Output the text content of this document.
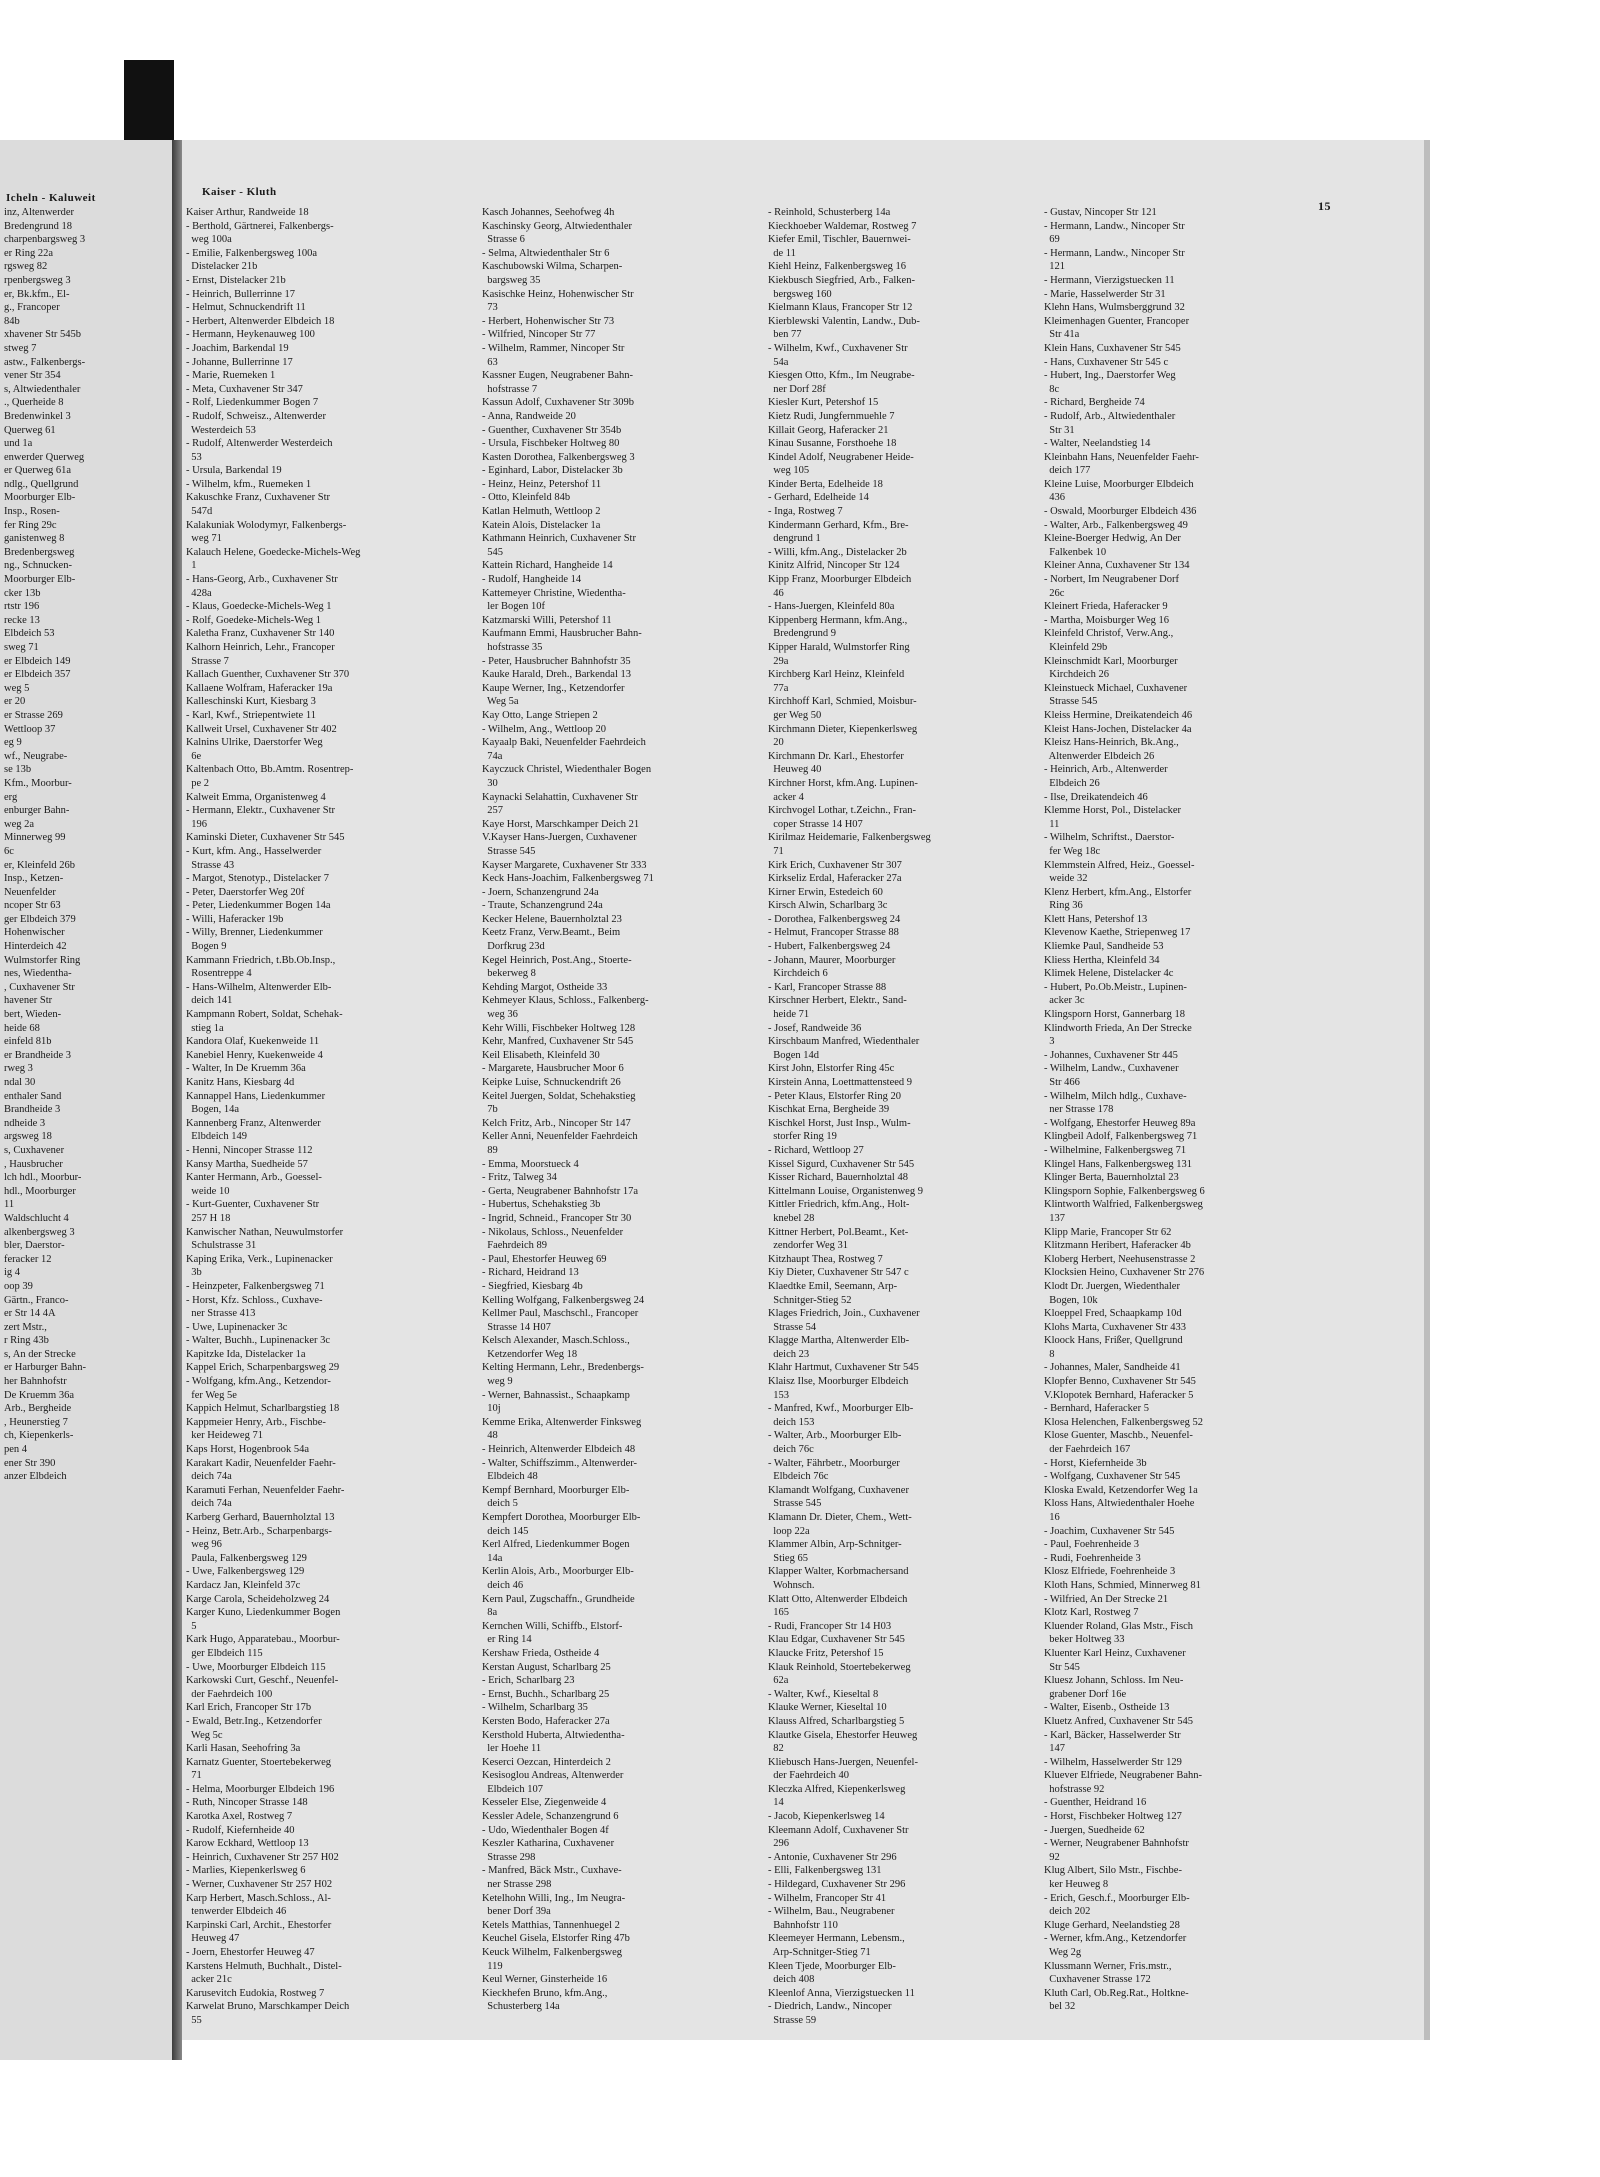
Icheln - Kaluweit	Kaiser - Kluth
15
inz, Altenwerder
Bredengrund 18
charpenbargsweg 3
er Ring 22a
rgsweg 82
rpenbergsweg 3
er, Bk.kfm., El-
g., Francoper
84b
xhavener Str 545b
stweg 7
astw., Falkenbergs-
vener Str 354
s, Altwiedenthaler
., Querheide 8
Bredenwinkel 3
Querweg 61
und 1a
enwerder Querweg
er Querweg 61a
ndlg., Quellgrund
Moorburger Elb-
Insp., Rosen-
fer Ring 29c
ganistenweg 8
Bredenbergsweg
ng., Schnucken-
Moorburger Elb-
cker 13b
rtstr 196
recke 13
Elbdeich 53
sweg 71
er Elbdeich 149
er Elbdeich 357
weg 5
er 20
er Strasse 269
Wettloop 37
eg 9
wf., Neugrabe-
se 13b
Kfm., Moorbur-
erg
enburger Bahn-
weg 2a
Minnerweg 99
6c
er, Kleinfeld 26b
Insp., Ketzen-
Neuenfelder
ncoper Str 63
ger Elbdeich 379
Hohenwischer
Hinterdeich 42
Wulmstorfer Ring
nes, Wiedentha-
, Cuxhavener Str
havener Str
bert, Wieden-
heide 68
einfeld 81b
er Brandheide 3
rweg 3
ndal 30
enthaler Sand
Brandheide 3
ndheide 3
argsweg 18
s, Cuxhavener
, Hausbrucher
lch hdl., Moorbur-
hdl., Moorburger
11
Waldschlucht 4
alkenbergsweg 3
bler, Daerstor-
feracker 12
ig 4
oop 39
Gärtn., Franco-
er Str 14 4A
zert Mstr.,
r Ring 43b
s, An der Strecke
er Harburger Bahn-
her Bahnhofstr
De Kruemm 36a
Arb., Bergheide
, Heunerstieg 7
ch, Kiepenkerls-
pen 4
ener Str 390
anzer Elbdeich
Kaiser Arthur, Randweide 18
- Berthold, Gärtnerei, Falkenbergs-
weg 100a
- Emilie, Falkenbergsweg 100a
Distelacker 21b
- Ernst, Distelacker 21b
- Heinrich, Bullerrinne 17
- Helmut, Schnuckendrift 11
- Herbert, Altenwerder Elbdeich 18
- Hermann, Heykenauweg 100
- Joachim, Barkendal 19
- Johanne, Bullerrinne 17
- Marie, Ruemeken 1
- Meta, Cuxhavener Str 347
- Rolf, Liedenkummer Bogen 7
- Rudolf, Schweisz., Altenwerder
Westerdeich 53
- Rudolf, Altenwerder Westerdeich
53
- Ursula, Barkendal 19
- Wilhelm, kfm., Ruemeken 1
Kakuschke Franz, Cuxhavener Str
547d
Kalakuniak Wolodymyr, Falkenbergs-
weg 71
Kalauch Helene, Goedecke-Michels-Weg
1
- Hans-Georg, Arb., Cuxhavener Str
428a
- Klaus, Goedecke-Michels-Weg 1
- Rolf, Goedeke-Michels-Weg 1
Kaletha Franz, Cuxhavener Str 140
Kalhorn Heinrich, Lehr., Francoper
Strasse 7
Kallach Guenther, Cuxhavener Str 370
Kallaene Wolfram, Haferacker 19a
Kalleschinski Kurt, Kiesbarg 3
- Karl, Kwf., Striepentwiete 11
Kallweit Ursel, Cuxhavener Str 402
Kalnins Ulrike, Daerstorfer Weg
6e
Kaltenbach Otto, Bb.Amtm. Rosentrep-
pe 2
Kalweit Emma, Organistenweg 4
- Hermann, Elektr., Cuxhavener Str
196
Kaminski Dieter, Cuxhavener Str 545
- Kurt, kfm. Ang., Hasselwerder
Strasse 43
- Margot, Stenotyp., Distelacker 7
- Peter, Daerstorfer Weg 20f
- Peter, Liedenkummer Bogen 14a
- Willi, Haferacker 19b
- Willy, Brenner, Liedenkummer
Bogen 9
Kammann Friedrich, t.Bb.Ob.Insp.,
Rosentreppe 4
- Hans-Wilhelm, Altenwerder Elb-
deich 141
Kampmann Robert, Soldat, Schehak-
stieg 1a
Kandora Olaf, Kuekenweide 11
Kanebiel Henry, Kuekenweide 4
- Walter, In De Kruemm 36a
Kanitz Hans, Kiesbarg 4d
Kannappel Hans, Liedenkummer
Bogen, 14a
Kannenberg Franz, Altenwerder
Elbdeich 149
- Henni, Nincoper Strasse 112
Kansy Martha, Suedheide 57
Kanter Hermann, Arb., Goessel-
weide 10
- Kurt-Guenter, Cuxhavener Str
257 H 18
Kanwischer Nathan, Neuwulmstorfer
Schulstrasse 31
Kaping Erika, Verk., Lupinenacker
3b
- Heinzpeter, Falkenbergsweg 71
- Horst, Kfz. Schloss., Cuxhave-
ner Strasse 413
- Uwe, Lupinenacker 3c
- Walter, Buchh., Lupinenacker 3c
Kapitzke Ida, Distelacker 1a
Kappel Erich, Scharpenbargsweg 29
- Wolfgang, kfm.Ang., Ketzendor-
fer Weg 5e
Kappich Helmut, Scharlbargstieg 18
Kappmeier Henry, Arb., Fischbe-
ker Heideweg 71
Kaps Horst, Hogenbrook 54a
Karakart Kadir, Neuenfelder Faehr-
deich 74a
Karamuti Ferhan, Neuenfelder Faehr-
deich 74a
Karberg Gerhard, Bauernholztal 13
- Heinz, Betr.Arb., Scharpenbargs-
weg 96
Paula, Falkenbergsweg 129
- Uwe, Falkenbergsweg 129
Kardacz Jan, Kleinfeld 37c
Karge Carola, Scheideholzweg 24
Karger Kuno, Liedenkummer Bogen
5
Kark Hugo, Apparatebau., Moorbur-
ger Elbdeich 115
- Uwe, Moorburger Elbdeich 115
Karkowski Curt, Geschf., Neuenfel-
der Faehrdeich 100
Karl Erich, Francoper Str 17b
- Ewald, Betr.Ing., Ketzendorfer
Weg 5c
Karli Hasan, Seehofring 3a
Karnatz Guenter, Stoertebekerweg
71
- Helma, Moorburger Elbdeich 196
- Ruth, Nincoper Strasse 148
Karotka Axel, Rostweg 7
- Rudolf, Kiefernheide 40
Karow Eckhard, Wettloop 13
- Heinrich, Cuxhavener Str 257 H02
- Marlies, Kiepenkerlsweg 6
- Werner, Cuxhavener Str 257 H02
Karp Herbert, Masch.Schloss., Al-
tenwerder Elbdeich 46
Karpinski Carl, Archit., Ehestorfer
Heuweg 47
- Joern, Ehestorfer Heuweg 47
Karstens Helmuth, Buchhalt., Distel-
acker 21c
Karusevitch Eudokia, Rostweg 7
Karwelat Bruno, Marschkamper Deich
55
Kasch Johannes, Seehofweg 4h
Kaschinsky Georg, Altwiedenthaler
Strasse 6
- Selma, Altwiedenthaler Str 6
Kaschubowski Wilma, Scharpen-
bargsweg 35
Kasischke Heinz, Hohenwischer Str
73
- Herbert, Hohenwischer Str 73
- Wilfried, Nincoper Str 77
- Wilhelm, Rammer, Nincoper Str
63
Kassner Eugen, Neugrabener Bahn-
hofstrasse 7
Kassun Adolf, Cuxhavener Str 309b
- Anna, Randweide 20
- Guenther, Cuxhavener Str 354b
- Ursula, Fischbeker Holtweg 80
Kasten Dorothea, Falkenbergsweg 3
- Eginhard, Labor, Distelacker 3b
- Heinz, Heinz, Petershof 11
- Otto, Kleinfeld 84b
Katlan Helmuth, Wettloop 2
Katein Alois, Distelacker 1a
Kathmann Heinrich, Cuxhavener Str
545
Kattein Richard, Hangheide 14
- Rudolf, Hangheide 14
Kattemeyer Christine, Wiedentha-
ler Bogen 10f
Katzmarski Willi, Petershof 11
Kaufmann Emmi, Hausbrucher Bahn-
hofstrasse 35
- Peter, Hausbrucher Bahnhofstr 35
Kauke Harald, Dreh., Barkendal 13
Kaupe Werner, Ing., Ketzendorfer
Weg 5a
Kay Otto, Lange Striepen 2
- Wilhelm, Ang., Wettloop 20
Kayaalp Baki, Neuenfelder Faehrdeich
74a
Kayczuck Christel, Wiedenthaler Bogen
30
Kaynacki Selahattin, Cuxhavener Str
257
Kaye Horst, Marschkamper Deich 21
V.Kayser Hans-Juergen, Cuxhavener
Strasse 545
Kayser Margarete, Cuxhavener Str 333
Keck Hans-Joachim, Falkenbergsweg 71
- Joern, Schanzengrund 24a
- Traute, Schanzengrund 24a
Kecker Helene, Bauernholztal 23
Keetz Franz, Verw.Beamt., Beim
Dorfkrug 23d
Kegel Heinrich, Post.Ang., Stoerte-
bekerweg 8
Kehding Margot, Ostheide 33
Kehmeyer Klaus, Schloss., Falkenberg-
weg 36
Kehr Willi, Fischbeker Holtweg 128
Kehr, Manfred, Cuxhavener Str 545
Keil Elisabeth, Kleinfeld 30
- Margarete, Hausbrucher Moor 6
Keipke Luise, Schnuckendrift 26
Keitel Juergen, Soldat, Schehakstieg
7b
Kelch Fritz, Arb., Nincoper Str 147
Keller Anni, Neuenfelder Faehrdeich
89
- Emma, Moorstueck 4
- Fritz, Talweg 34
- Gerta, Neugrabener Bahnhofstr 17a
- Hubertus, Schehakstieg 3b
- Ingrid, Schneid., Francoper Str 30
- Nikolaus, Schloss., Neuenfelder
Faehrdeich 89
- Paul, Ehestorfer Heuweg 69
- Richard, Heidrand 13
- Siegfried, Kiesbarg 4b
Kelling Wolfgang, Falkenbergsweg 24
Kellmer Paul, Maschschl., Francoper
Strasse 14 H07
Kelsch Alexander, Masch.Schloss.,
Ketzendorfer Weg 18
Kelting Hermann, Lehr., Bredenbergs-
weg 9
- Werner, Bahnassist., Schaapkamp
10j
Kemme Erika, Altenwerder Finksweg
48
- Heinrich, Altenwerder Elbdeich 48
- Walter, Schiffszimm., Altenwerder-
Elbdeich 48
Kempf Bernhard, Moorburger Elb-
deich 5
Kempfert Dorothea, Moorburger Elb-
deich 145
Kerl Alfred, Liedenkummer Bogen
14a
Kerlin Alois, Arb., Moorburger Elb-
deich 46
Kern Paul, Zugschaffn., Grundheide
8a
Kernchen Willi, Schiffb., Elstorf-
er Ring 14
Kershaw Frieda, Ostheide 4
Kerstan August, Scharlbarg 25
- Erich, Scharlbarg 23
- Ernst, Buchh., Scharlbarg 25
- Wilhelm, Scharlbarg 35
Kersten Bodo, Haferacker 27a
Kersthold Huberta, Altwiedentha-
ler Hoehe 11
Keserci Oezcan, Hinterdeich 2
Kesisoglou Andreas, Altenwerder
Elbdeich 107
Kesseler Else, Ziegenweide 4
Kessler Adele, Schanzengrund 6
- Udo, Wiedenthaler Bogen 4f
Keszler Katharina, Cuxhavener
Strasse 298
- Manfred, Bäck Mstr., Cuxhave-
ner Strasse 298
Ketelhohn Willi, Ing., Im Neugra-
bener Dorf 39a
Ketels Matthias, Tannenhuegel 2
Keuchel Gisela, Elstorfer Ring 47b
Keuck Wilhelm, Falkenbergsweg
119
Keul Werner, Ginsterheide 16
Kieckhefen Bruno, kfm.Ang.,
Schusterberg 14a
- Reinhold, Schusterberg 14a
Kieckhoeber Waldemar, Rostweg 7
Kiefer Emil, Tischler, Bauernwei-
de 11
Kiehl Heinz, Falkenbergsweg 16
Kiekbusch Siegfried, Arb., Falken-
bergsweg 160
Kielmann Klaus, Francoper Str 12
Kierblewski Valentin, Landw., Dub-
ben 77
- Wilhelm, Kwf., Cuxhavener Str
54a
Kiesgen Otto, Kfm., Im Neugrabe-
ner Dorf 28f
Kiesler Kurt, Petershof 15
Kietz Rudi, Jungfernmuehle 7
Killait Georg, Haferacker 21
Kinau Susanne, Forsthoehe 18
Kindel Adolf, Neugrabener Heide-
weg 105
Kinder Berta, Edelheide 18
- Gerhard, Edelheide 14
- Inga, Rostweg 7
Kindermann Gerhard, Kfm., Bre-
dengrund 1
- Willi, kfm.Ang., Distelacker 2b
Kinitz Alfrid, Nincoper Str 124
Kipp Franz, Moorburger Elbdeich
46
- Hans-Juergen, Kleinfeld 80a
Kippenberg Hermann, kfm.Ang.,
Bredengrund 9
Kipper Harald, Wulmstorfer Ring
29a
Kirchberg Karl Heinz, Kleinfeld
77a
Kirchhoff Karl, Schmied, Moisbur-
ger Weg 50
Kirchmann Dieter, Kiepenkerlsweg
20
Kirchmann Dr. Karl., Ehestorfer
Heuweg 40
Kirchner Horst, kfm.Ang. Lupinen-
acker 4
Kirchvogel Lothar, t.Zeichn., Fran-
coper Strasse 14 H07
Kirilmaz Heidemarie, Falkenbergsweg
71
Kirk Erich, Cuxhavener Str 307
Kirkseliz Erdal, Haferacker 27a
Kirner Erwin, Estedeich 60
Kirsch Alwin, Scharlbarg 3c
- Dorothea, Falkenbergsweg 24
- Helmut, Francoper Strasse 88
- Hubert, Falkenbergsweg 24
- Johann, Maurer, Moorburger
Kirchdeich 6
- Karl, Francoper Strasse 88
Kirschner Herbert, Elektr., Sand-
heide 71
- Josef, Randweide 36
Kirschbaum Manfred, Wiedenthaler
Bogen 14d
Kirst John, Elstorfer Ring 45c
Kirstein Anna, Loettmattensteed 9
- Peter Klaus, Elstorfer Ring 20
Kischkat Erna, Bergheide 39
Kischkel Horst, Just Insp., Wulm-
storfer Ring 19
- Richard, Wettloop 27
Kissel Sigurd, Cuxhavener Str 545
Kisser Richard, Bauernholztal 48
Kittelmann Louise, Organistenweg 9
Kittler Friedrich, kfm.Ang., Holt-
knebel 28
Kittner Herbert, Pol.Beamt., Ket-
zendorfer Weg 31
Kitzhaupt Thea, Rostweg 7
Kiy Dieter, Cuxhavener Str 547 c
Klaedtke Emil, Seemann, Arp-
Schnitger-Stieg 52
Klages Friedrich, Join., Cuxhavener
Strasse 54
Klagge Martha, Altenwerder Elb-
deich 23
Klahr Hartmut, Cuxhavener Str 545
Klaisz Ilse, Moorburger Elbdeich
153
- Manfred, Kwf., Moorburger Elb-
deich 153
- Walter, Arb., Moorburger Elb-
deich 76c
- Walter, Fährbetr., Moorburger
Elbdeich 76c
Klamandt Wolfgang, Cuxhavener
Strasse 545
Klamann Dr. Dieter, Chem., Wett-
loop 22a
Klammer Albin, Arp-Schnitger-
Stieg 65
Klapper Walter, Korbmachersand
Wohnsch.
Klatt Otto, Altenwerder Elbdeich
165
- Rudi, Francoper Str 14 H03
Klau Edgar, Cuxhavener Str 545
Klaucke Fritz, Petershof 15
Klauk Reinhold, Stoertebekerweg
62a
- Walter, Kwf., Kieseltal 8
Klauke Werner, Kieseltal 10
Klauss Alfred, Scharlbargstieg 5
Klautke Gisela, Ehestorfer Heuweg
82
Kliebusch Hans-Juergen, Neuenfel-
der Faehrdeich 40
Kleczka Alfred, Kiepenkerlsweg
14
- Jacob, Kiepenkerlsweg 14
Kleemann Adolf, Cuxhavener Str
296
- Antonie, Cuxhavener Str 296
- Elli, Falkenbergsweg 131
- Hildegard, Cuxhavener Str 296
- Wilhelm, Francoper Str 41
- Wilhelm, Bau., Neugrabener
Bahnhofstr 110
Kleemeyer Hermann, Lebensm.,
Arp-Schnitger-Stieg 71
Kleen Tjede, Moorburger Elb-
deich 408
Kleenlof Anna, Vierzigstuecken 11
- Diedrich, Landw., Nincoper
Strasse 59
- Gustav, Nincoper Str 121
- Hermann, Landw., Nincoper Str
69
- Hermann, Landw., Nincoper Str
121
- Hermann, Vierzigstuecken 11
- Marie, Hasselwerder Str 31
Klehn Hans, Wulmsberggrund 32
Kleimenhagen Guenter, Francoper
Str 41a
Klein Hans, Cuxhavener Str 545
- Hans, Cuxhavener Str 545 c
- Hubert, Ing., Daerstorfer Weg
8c
- Richard, Bergheide 74
- Rudolf, Arb., Altwiedenthaler
Str 31
- Walter, Neelandstieg 14
Kleinbahn Hans, Neuenfelder Faehr-
deich 177
Kleine Luise, Moorburger Elbdeich
436
- Oswald, Moorburger Elbdeich 436
- Walter, Arb., Falkenbergsweg 49
Kleine-Boerger Hedwig, An Der
Falkenbek 10
Kleiner Anna, Cuxhavener Str 134
- Norbert, Im Neugrabener Dorf
26c
Kleinert Frieda, Haferacker 9
- Martha, Moisburger Weg 16
Kleinfeld Christof, Verw.Ang.,
Kleinfeld 29b
Kleinschmidt Karl, Moorburger
Kirchdeich 26
Kleinstueck Michael, Cuxhavener
Strasse 545
Kleiss Hermine, Dreikatendeich 46
Kleist Hans-Jochen, Distelacker 4a
Kleisz Hans-Heinrich, Bk.Ang.,
Altenwerder Elbdeich 26
- Heinrich, Arb., Altenwerder
Elbdeich 26
- Ilse, Dreikatendeich 46
Klemme Horst, Pol., Distelacker
11
- Wilhelm, Schriftst., Daerstor-
fer Weg 18c
Klemmstein Alfred, Heiz., Goessel-
weide 32
Klenz Herbert, kfm.Ang., Elstorfer
Ring 36
Klett Hans, Petershof 13
Klevenow Kaethe, Striepenweg 17
Kliemke Paul, Sandheide 53
Kliess Hertha, Kleinfeld 34
Klimek Helene, Distelacker 4c
- Hubert, Po.Ob.Meistr., Lupinen-
acker 3c
Klingsporn Horst, Gannerbarg 18
Klindworth Frieda, An Der Strecke
3
- Johannes, Cuxhavener Str 445
- Wilhelm, Landw., Cuxhavener
Str 466
- Wilhelm, Milch hdlg., Cuxhave-
ner Strasse 178
- Wolfgang, Ehestorfer Heuweg 89a
Klingbeil Adolf, Falkenbergsweg 71
- Wilhelmine, Falkenbergsweg 71
Klingel Hans, Falkenbergsweg 131
Klinger Berta, Bauernholztal 23
Klingsporn Sophie, Falkenbergsweg 6
Klintworth Walfried, Falkenbergsweg
137
Klipp Marie, Francoper Str 62
Klitzmann Heribert, Haferacker 4b
Kloberg Herbert, Neehusenstrasse 2
Klocksien Heino, Cuxhavener Str 276
Klodt Dr. Juergen, Wiedenthaler
Bogen, 10k
Kloeppel Fred, Schaapkamp 10d
Klohs Marta, Cuxhavener Str 433
Kloock Hans, Frißer, Quellgrund
8
- Johannes, Maler, Sandheide 41
Klopfer Benno, Cuxhavener Str 545
V.Klopotek Bernhard, Haferacker 5
- Bernhard, Haferacker 5
Klosa Helenchen, Falkenbergsweg 52
Klose Guenter, Maschb., Neuenfel-
der Faehrdeich 167
- Horst, Kiefernheide 3b
- Wolfgang, Cuxhavener Str 545
Kloska Ewald, Ketzendorfer Weg 1a
Kloss Hans, Altwiedenthaler Hoehe
16
- Joachim, Cuxhavener Str 545
- Paul, Foehrenheide 3
- Rudi, Foehrenheide 3
Klosz Elfriede, Foehrenheide 3
Kloth Hans, Schmied, Minnerweg 81
- Wilfried, An Der Strecke 21
Klotz Karl, Rostweg 7
Kluender Roland, Glas Mstr., Fisch
beker Holtweg 33
Kluenter Karl Heinz, Cuxhavener
Str 545
Kluesz Johann, Schloss. Im Neu-
grabener Dorf 16e
- Walter, Eisenb., Ostheide 13
Kluetz Anfred, Cuxhavener Str 545
- Karl, Bäcker, Hasselwerder Str
147
- Wilhelm, Hasselwerder Str 129
Kluever Elfriede, Neugrabener Bahn-
hofstrasse 92
- Guenther, Heidrand 16
- Horst, Fischbeker Holtweg 127
- Juergen, Suedheide 62
- Werner, Neugrabener Bahnhofstr
92
Klug Albert, Silo Mstr., Fischbe-
ker Heuweg 8
- Erich, Gesch.f., Moorburger Elb-
deich 202
Kluge Gerhard, Neelandstieg 28
- Werner, kfm.Ang., Ketzendorfer
Weg 2g
Klussmann Werner, Fris.mstr.,
Cuxhavener Strasse 172
Kluth Carl, Ob.Reg.Rat., Holtkne-
bel 32
